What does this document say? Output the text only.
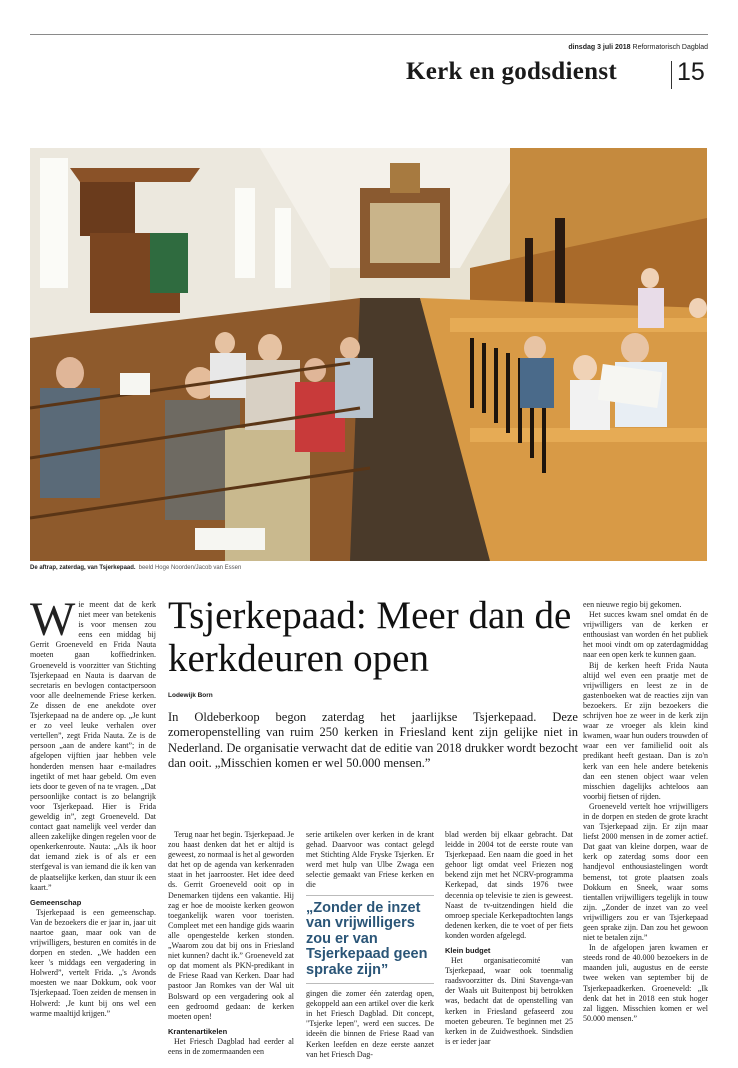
dinsdag 3 juli 2018 Reformatorisch Dagblad
Kerk en godsdienst 15
De aftrap, zaterdag, van Tsjerkepaad. beeld Hoge Noorden/Jacob van Essen
Tsjerkepaad: Meer dan de kerkdeuren open
Lodewijk Born
In Oldeberkoop begon zaterdag het jaarlijkse Tsjerkepaad. Deze zomeropenstelling van ruim 250 kerken in Friesland kent zijn gelijke niet in Nederland. De organisatie verwacht dat de editie van 2018 drukker wordt bezocht dan ooit. „Misschien komen er wel 50.000 mensen.”
W ie meent dat de kerk niet meer van betekenis is voor mensen zou eens een middag bij Gerrit Groeneveld en Frida Nauta moeten gaan koffiedrinken. Groeneveld is voorzitter van Stichting Tsjerkepaad en Nauta is daarvan de secretaris en bevlogen contactpersoon voor alle deelnemende Friese kerken. Ze dissen de ene anekdote over Tsjerkepaad na de andere op. „Je kunt er zo veel leuke verhalen over vertellen”, zegt Frida Nauta. Ze is de persoon „aan de andere kant”; in de afgelopen vijftien jaar hebben vele honderden mensen haar e-mailadres ingetikt of met haar gebeld. Om even iets door te geven of na te vragen. „Dat persoonlijke contact is zo belangrijk voor Tsjerkepaad. Hier is Frida geweldig in”, zegt Groeneveld. Dat contact gaat namelijk veel verder dan alleen zakelijke dingen regelen voor de openkerkenroute. Nauta: „Als ik hoor dat iemand ziek is of als er een sterfgeval is van iemand die ik ken van de plaatselijke kerken, dan stuur ik een kaart.”

Gemeenschap

Tsjerkepaad is een gemeenschap. Van de bezoekers die er jaar in, jaar uit naartoe gaan, maar ook van de vrijwilligers, besturen en comités in de dorpen en steden. „We hadden een keer 's middags een vergadering in Holwerd”, vertelt Frida. „'s Avonds moesten we naar Dokkum, ook voor Tsjerkepaad. Toen zeiden de mensen in Holwerd: ‚Je kunt bij ons wel een warme maaltijd krijgen.”

Terug naar het begin. Tsjerkepaad. Je zou haast denken dat het er altijd is geweest, zo normaal is het al geworden dat het op de agenda van kerkenraden staat in het jaarrooster. Het idee deed ds. Gerrit Groeneveld ooit op in Denemarken tijdens een vakantie. Hij zag er hoe de mooiste kerken geowon toegankelijk waren voor toeristen. Compleet met een handige gids waarin alle opengestelde kerken stonden. „Waarom zou dat bij ons in Friesland niet kunnen? dacht ik.” Groeneveld zat op dat moment als PKN-predikant in de Friese Raad van Kerken. Daar had pastoor Jan Romkes van der Wal uit Bolsward op een vergadering ook al een gedroomd gedaan: de kerken moeten open!

Krantenartikelen

Het Friesch Dagblad had eerder al eens in de zomermaanden een

serie artikelen over kerken in de krant gehad. Daarvoor was contact gelegd met Stichting Alde Fryske Tsjerken. Er werd met hulp van Ulbe Zwaga een selectie gemaakt van Friese kerken en die

„Zonder de inzet van vrijwilligers zou er van Tsjerkepaad geen sprake zijn”

gingen die zomer één zaterdag open, gekoppeld aan een artikel over die kerk in het Friesch Dagblad. Dit concept, "Tsjerke lepen", werd een succes. De ideeën die binnen de Friese Raad van Kerken leefden en deze eerste aanzet van het Friesch Dag-

blad werden bij elkaar gebracht. Dat leidde in 2004 tot de eerste route van Tsjerkepaad. Een naam die goed in het gehoor ligt omdat veel Friezen nog bekend zijn met het NCRV-programma Kerkepad, dat sinds 1976 twee decennia op televisie te zien is geweest. Naast de tv-uitzendingen hield die omroep speciale Kerkepadtochten langs dedenen kerken, die te voet of per fiets konden worden afgelegd.

Klein budget

Het organisatiecomité van Tsjerkepaad, waar ook toenmalig raadsvoorzitter ds. Dini Stavenga-van der Waals uit Buitenpost bij betrokken was, bedacht dat de openstelling van kerken in Friesland gefaseerd zou moeten gebeuren. Te beginnen met 25 kerken in de Zuidwesthoek. Sindsdien is er ieder jaar

een nieuwe regio bij gekomen.

Het succes kwam snel omdat én de vrijwilligers van de kerken er enthousiast van worden én het publiek het mooi vindt om op zaterdagmiddag naar een open kerk te kunnen gaan.

Bij de kerken heeft Frida Nauta altijd wel even een praatje met de vrijwilligers en leest ze in de gastenboeken wat de reacties zijn van bezoekers. Er zijn bezoekers die schrijven hoe ze weer in de kerk zijn waar ze vroeger als klein kind kwamen, waar hun ouders trouwden of waar een ver familielid ooit als predikant heeft gestaan. Dan is zo'n kerk van een hele andere betekenis dan een stenen object waar velen misschien dagelijks achteloos aan voorbij fietsen of rijden.

Groeneveld vertelt hoe vrijwilligers in de dorpen en steden de grote kracht van Tsjerkepaad zijn. Er zijn maar liefst 2000 mensen in de zomer actief. Dat gaat van kleine dorpen, waar de kerk op zaterdag soms door een handjevol enthousiastelingen wordt bemenst, tot grote plaatsen zoals Dokkum en Sneek, waar soms tientallen vrijwilligers tegelijk in touw zijn. „Zonder de inzet van zo veel vrijwilligers zou er van Tsjerkepaad geen sprake zijn. Dan zou het gewoon niet te betalen zijn.”

In de afgelopen jaren kwamen er steeds rond de 40.000 bezoekers in de maanden juli, augustus en de eerste twee weken van september bij de Tsjerkepaadkerken. Groeneveld: „Ik denk dat het in 2018 een stuk hoger zal liggen. Misschien komen er wel 50.000 mensen.”
